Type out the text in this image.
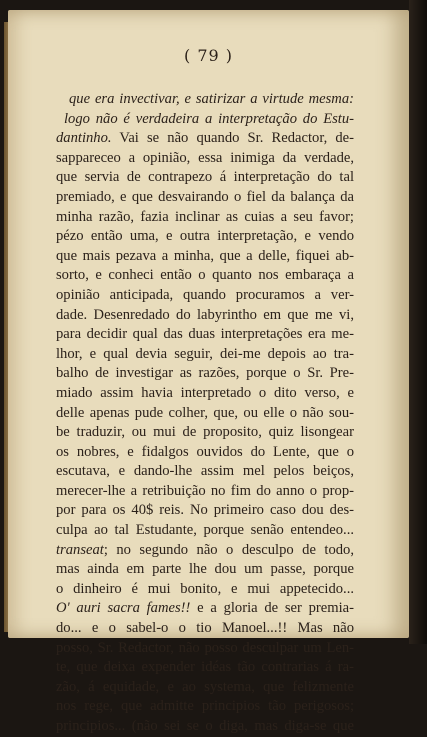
( 79 )
que era invectivar, e satirizar a virtude mesma:
logo não é verdadeira a interpretação do Estu-
dantinho. Vai se não quando Sr. Redactor, de-
sappareceo a opinião, essa inimiga da verdade,
que servia de contrapezo á interpretação do tal
premiado, e que desvairando o fiel da balança da
minha razão, fazia inclinar as cuias a seu favor;
pézo então uma, e outra interpretação, e vendo
que mais pezava a minha, que a delle, fiquei ab-
sorto, e conheci então o quanto nos embaraça a
opinião anticipada, quando procuramos a ver-
dade. Desenredado do labyrintho em que me vi,
para decidir qual das duas interpretações era me-
lhor, e qual devia seguir, dei-me depois ao tra-
balho de investigar as razões, porque o Sr. Pre-
miado assim havia interpretado o dito verso, e
delle apenas pude colher, que, ou elle o não sou-
be traduzir, ou mui de proposito, quiz lisongear
os nobres, e fidalgos ouvidos do Lente, que o
escutava, e dando-lhe assim mel pelos beiços,
merecer-lhe a retribuição no fim do anno o prop-
por para os 40$ reis. No primeiro caso dou des-
culpa ao tal Estudante, porque senão entendeo...
transeat; no segundo não o desculpo de todo,
mas ainda em parte lhe dou um passe, porque
o dinheiro é mui bonito, e mui appetecido...
O' auri sacra fames!! e a gloria de ser premia-
do... e o sabel-o o tio Manoel...!! Mas não
posso, Sr. Redactor, não posso desculpar um Len-
te, que deixa expender idéas tão contrarias á ra-
zão, á equidade, e ao systema, que felizmente
nos rege, que admitte principios tão perigosos;
principios... (não sei se o diga, mas diga-se que
